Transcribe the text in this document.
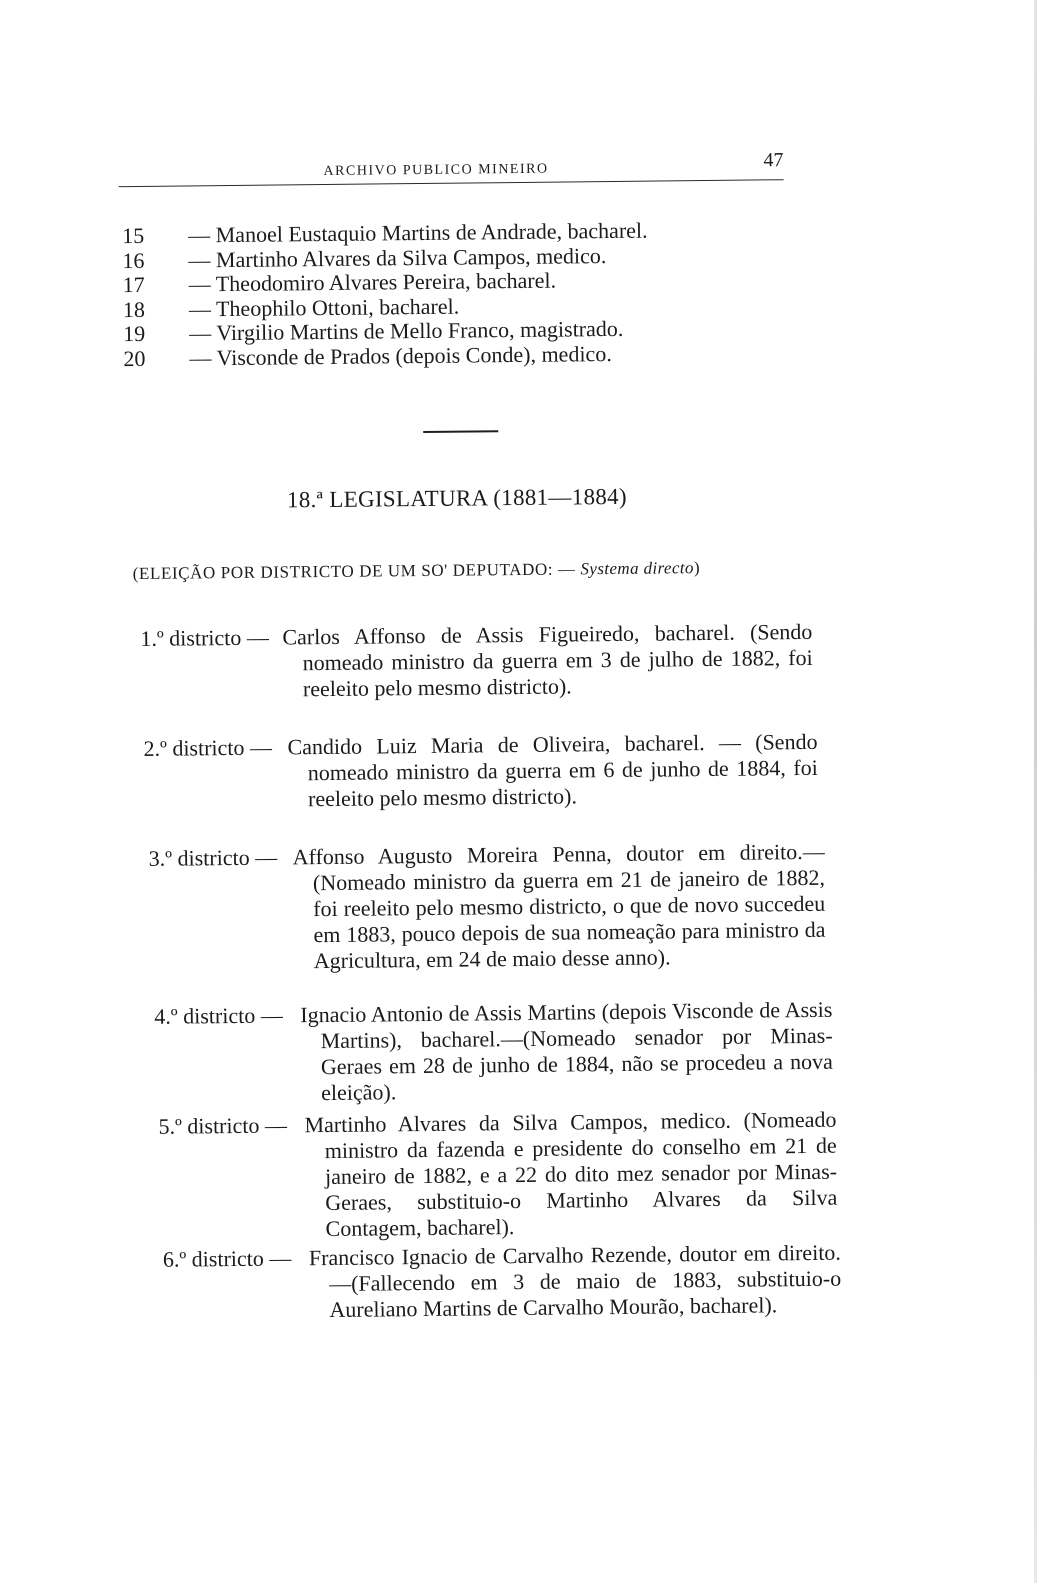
ARCHIVO PUBLICO MINEIRO	47
15 — Manoel Eustaquio Martins de Andrade, bacharel.
16 — Martinho Alvares da Silva Campos, medico.
17 — Theodomiro Alvares Pereira, bacharel.
18 — Theophilo Ottoni, bacharel.
19 — Virgilio Martins de Mello Franco, magistrado.
20 — Visconde de Prados (depois Conde), medico.
18.ª LEGISLATURA (1881—1884)
(ELEIÇÃO POR DISTRICTO DE UM SO' DEPUTADO: — Systema directo)
1.º districto — Carlos Affonso de Assis Figueiredo, bacharel. (Sendo nomeado ministro da guerra em 3 de julho de 1882, foi reeleito pelo mesmo districto).
2.º districto — Candido Luiz Maria de Oliveira, bacharel. — (Sendo nomeado ministro da guerra em 6 de junho de 1884, foi reeleito pelo mesmo districto).
3.º districto — Affonso Augusto Moreira Penna, doutor em direito.—(Nomeado ministro da guerra em 21 de janeiro de 1882, foi reeleito pelo mesmo districto, o que de novo succedeu em 1883, pouco depois de sua nomeação para ministro da Agricultura, em 24 de maio desse anno).
4.º districto — Ignacio Antonio de Assis Martins (depois Visconde de Assis Martins), bacharel.—(Nomeado senador por Minas-Geraes em 28 de junho de 1884, não se procedeu a nova eleição).
5.º districto — Martinho Alvares da Silva Campos, medico. (Nomeado ministro da fazenda e presidente do conselho em 21 de janeiro de 1882, e a 22 do dito mez senador por Minas-Geraes, substituio-o Martinho Alvares da Silva Contagem, bacharel).
6.º districto — Francisco Ignacio de Carvalho Rezende, doutor em direito.—(Fallecendo em 3 de maio de 1883, substituio-o Aureliano Martins de Carvalho Mourão, bacharel).
